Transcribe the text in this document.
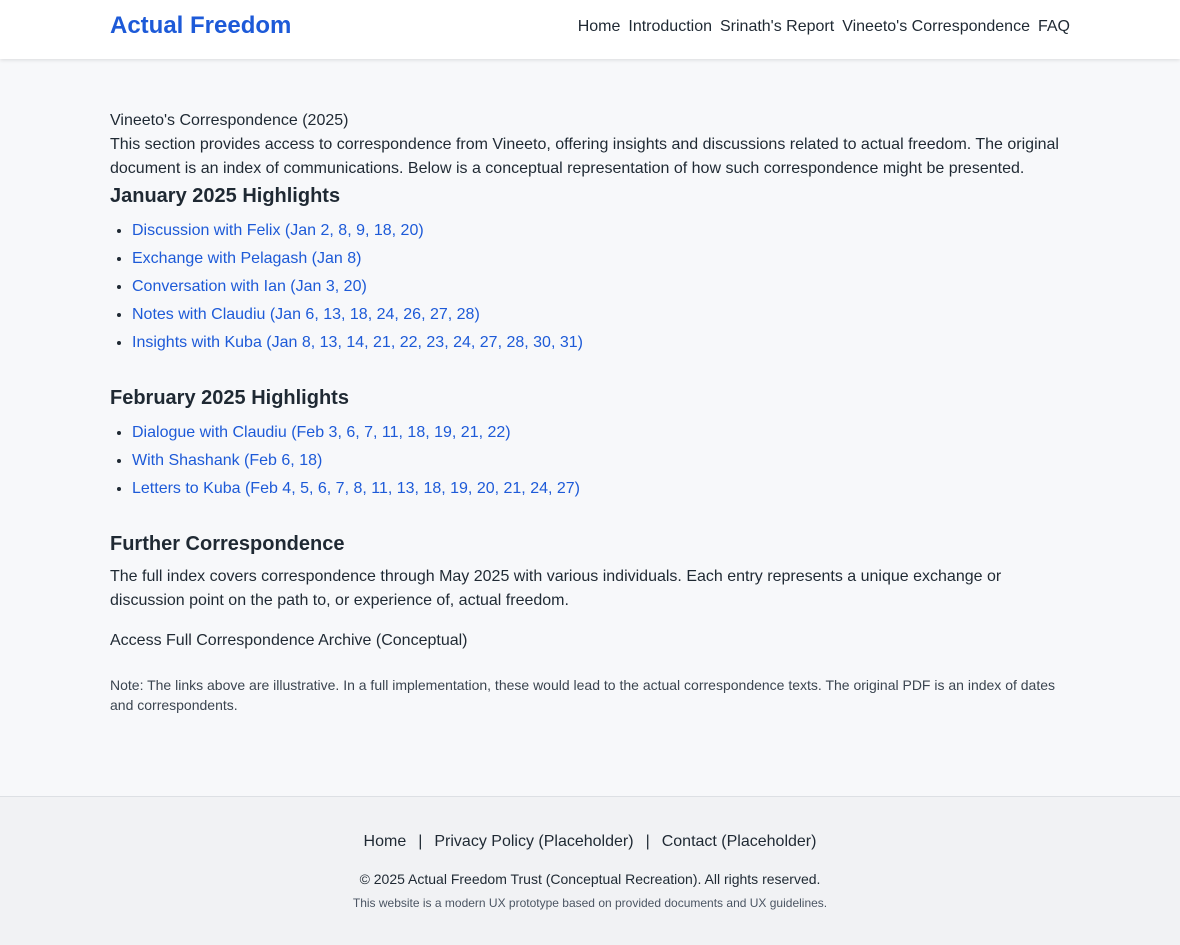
Actual Freedom	Home Introduction Srinath's Report Vineeto's Correspondence FAQ

Vineeto's Correspondence (2025)

This section provides access to correspondence from Vineeto, offering insights and discussions related to actual freedom. The original document is an index of communications. Below is a conceptual representation of how such correspondence might be presented.

January 2025 Highlights
• Discussion with Felix (Jan 2, 8, 9, 18, 20)
• Exchange with Pelagash (Jan 8)
• Conversation with Ian (Jan 3, 20)
• Notes with Claudiu (Jan 6, 13, 18, 24, 26, 27, 28)
• Insights with Kuba (Jan 8, 13, 14, 21, 22, 23, 24, 27, 28, 30, 31)
February 2025 Highlights
• Dialogue with Claudiu (Feb 3, 6, 7, 11, 18, 19, 21, 22)
• With Shashank (Feb 6, 18)
• Letters to Kuba (Feb 4, 5, 6, 7, 8, 11, 13, 18, 19, 20, 21, 24, 27)
Further Correspondence

The full index covers correspondence through May 2025 with various individuals. Each entry represents a unique exchange or discussion point on the path to, or experience of, actual freedom.

Access Full Correspondence Archive (Conceptual)

Note: The links above are illustrative. In a full implementation, these would lead to the actual correspondence texts. The original PDF is an index of dates and correspondents.

Home | Privacy Policy (Placeholder) | Contact (Placeholder)
© 2025 Actual Freedom Trust (Conceptual Recreation). All rights reserved.
This website is a modern UX prototype based on provided documents and UX guidelines.
